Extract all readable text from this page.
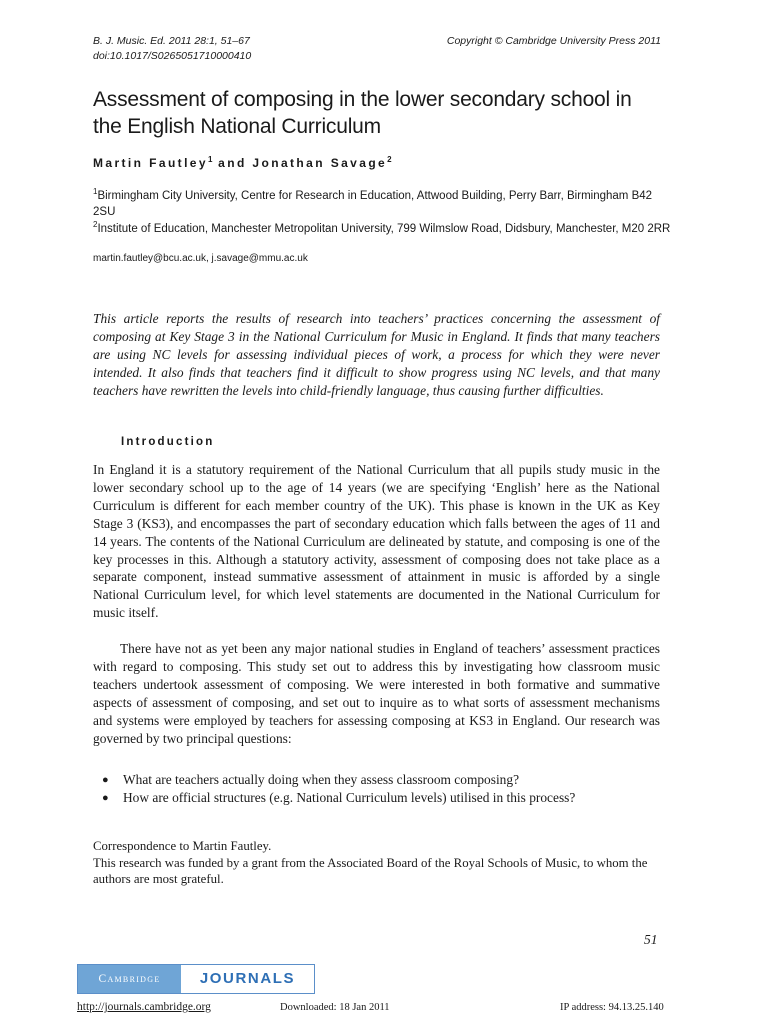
B. J. Music. Ed. 2011 28:1, 51–67
doi:10.1017/S0265051710000410
Copyright © Cambridge University Press 2011
Assessment of composing in the lower secondary school in
the English National Curriculum
Martin Fautley$^1$ and Jonathan Savage$^2$
$^1$Birmingham City University, Centre for Research in Education, Attwood Building, Perry Barr, Birmingham B42 2SU
$^2$Institute of Education, Manchester Metropolitan University, 799 Wilmslow Road, Didsbury, Manchester, M20 2RR
martin.fautley@bcu.ac.uk, j.savage@mmu.ac.uk
This article reports the results of research into teachers’ practices concerning the assessment of composing at Key Stage 3 in the National Curriculum for Music in England. It finds that many teachers are using NC levels for assessing individual pieces of work, a process for which they were never intended. It also finds that teachers find it difficult to show progress using NC levels, and that many teachers have rewritten the levels into child-friendly language, thus causing further difficulties.
Introduction
In England it is a statutory requirement of the National Curriculum that all pupils study music in the lower secondary school up to the age of 14 years (we are specifying ‘English’ here as the National Curriculum is different for each member country of the UK). This phase is known in the UK as Key Stage 3 (KS3), and encompasses the part of secondary education which falls between the ages of 11 and 14 years. The contents of the National Curriculum are delineated by statute, and composing is one of the key processes in this. Although a statutory activity, assessment of composing does not take place as a separate component, instead summative assessment of attainment in music is afforded by a single National Curriculum level, for which level statements are documented in the National Curriculum for music itself.
There have not as yet been any major national studies in England of teachers’ assessment practices with regard to composing. This study set out to address this by investigating how classroom music teachers undertook assessment of composing. We were interested in both formative and summative aspects of assessment of composing, and set out to inquire as to what sorts of assessment mechanisms and systems were employed by teachers for assessing composing at KS3 in England. Our research was governed by two principal questions:
● What are teachers actually doing when they assess classroom composing?
● How are official structures (e.g. National Curriculum levels) utilised in this process?
Correspondence to Martin Fautley.
This research was funded by a grant from the Associated Board of the Royal Schools of Music, to whom the authors are most grateful.
51
Cambridge	JOURNALS
http://journals.cambridge.org	Downloaded: 18 Jan 2011	IP address: 94.13.25.140
